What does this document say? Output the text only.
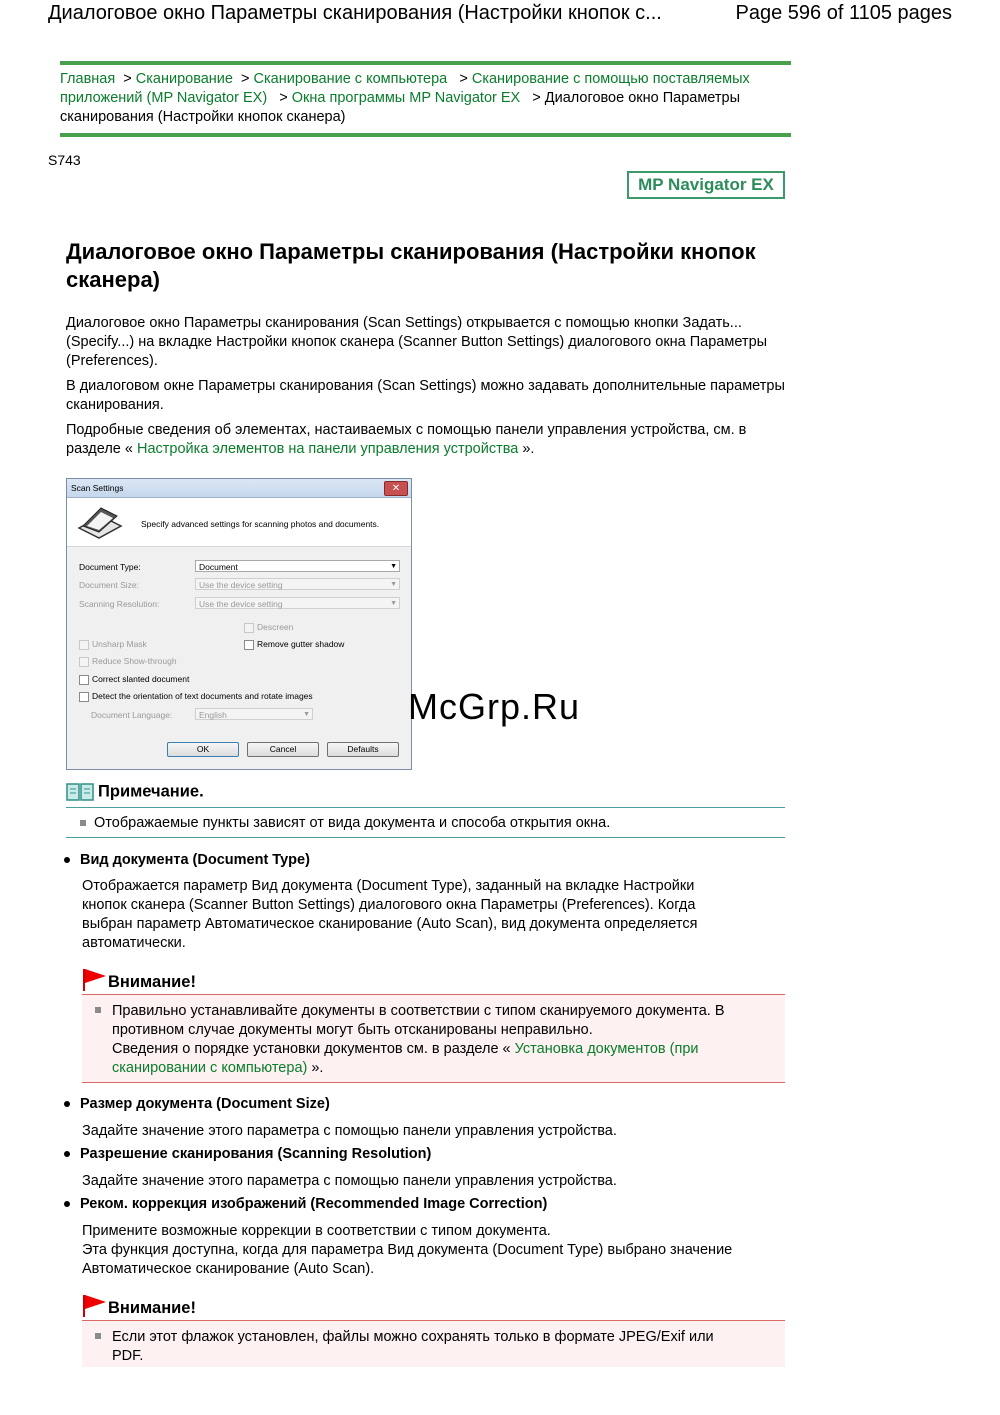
Диалоговое окно Параметры сканирования (Настройки кнопок с...	Page 596 of 1105 pages
Главная  > Сканирование  > Сканирование с компьютера   > Сканирование с помощью поставляемых приложений (MP Navigator EX)   > Окна программы MP Navigator EX   > Диалоговое окно Параметры сканирования (Настройки кнопок сканера)
S743
MP Navigator EX
Диалоговое окно Параметры сканирования (Настройки кнопок сканера)

Диалоговое окно Параметры сканирования (Scan Settings) открывается с помощью кнопки Задать... (Specify...) на вкладке Настройки кнопок сканера (Scanner Button Settings) диалогового окна Параметры (Preferences).

В диалоговом окне Параметры сканирования (Scan Settings) можно задавать дополнительные параметры сканирования.

Подробные сведения об элементах, настаиваемых с помощью панели управления устройства, см. в разделе « Настройка элементов на панели управления устройства ».

Scan Settings	✕
Specify advanced settings for scanning photos and documents.
Document Type:	Document	▼
Document Size:	Use the device setting	▼
Scanning Resolution:	Use the device setting	▼
Descreen
Unsharp Mask	Remove gutter shadow
Reduce Show-through
Correct slanted document
Detect the orientation of text documents and rotate images
Document Language:	English	▼
OK	Cancel	Defaults
McGrp.Ru
Примечание.
Отображаемые пункты зависят от вида документа и способа открытия окна.
Вид документа (Document Type)

Отображается параметр Вид документа (Document Type), заданный на вкладке Настройки кнопок сканера (Scanner Button Settings) диалогового окна Параметры (Preferences). Когда выбран параметр Автоматическое сканирование (Auto Scan), вид документа определяется автоматически.

Внимание!
Правильно устанавливайте документы в соответствии с типом сканируемого документа. В противном случае документы могут быть отсканированы неправильно.
Сведения о порядке установки документов см. в разделе « Установка документов (при сканировании с компьютера) ».
Размер документа (Document Size)

Задайте значение этого параметра с помощью панели управления устройства.

Разрешение сканирования (Scanning Resolution)

Задайте значение этого параметра с помощью панели управления устройства.

Реком. коррекция изображений (Recommended Image Correction)

Примените возможные коррекции в соответствии с типом документа.

Эта функция доступна, когда для параметра Вид документа (Document Type) выбрано значение Автоматическое сканирование (Auto Scan).

Внимание!
Если этот флажок установлен, файлы можно сохранять только в формате JPEG/Exif или PDF.
